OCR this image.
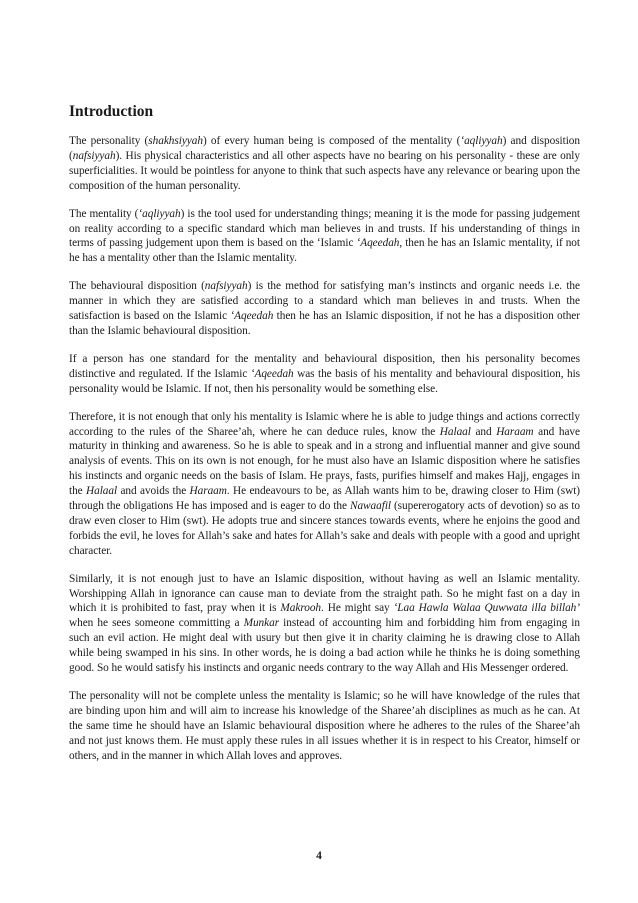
Introduction

The personality (shakhsiyyah) of every human being is composed of the mentality (‘aqliyyah) and disposition (nafsiyyah). His physical characteristics and all other aspects have no bearing on his personality - these are only superficialities. It would be pointless for anyone to think that such aspects have any relevance or bearing upon the composition of the human personality.

The mentality (‘aqliyyah) is the tool used for understanding things; meaning it is the mode for passing judgement on reality according to a specific standard which man believes in and trusts. If his understanding of things in terms of passing judgement upon them is based on the ‘Islamic ‘Aqeedah, then he has an Islamic mentality, if not he has a mentality other than the Islamic mentality.

The behavioural disposition (nafsiyyah) is the method for satisfying man’s instincts and organic needs i.e. the manner in which they are satisfied according to a standard which man believes in and trusts. When the satisfaction is based on the Islamic ‘Aqeedah then he has an Islamic disposition, if not he has a disposition other than the Islamic behavioural disposition.

If a person has one standard for the mentality and behavioural disposition, then his personality becomes distinctive and regulated. If the Islamic ‘Aqeedah was the basis of his mentality and behavioural disposition, his personality would be Islamic. If not, then his personality would be something else.

Therefore, it is not enough that only his mentality is Islamic where he is able to judge things and actions correctly according to the rules of the Sharee’ah, where he can deduce rules, know the Halaal and Haraam and have maturity in thinking and awareness. So he is able to speak and in a strong and influential manner and give sound analysis of events. This on its own is not enough, for he must also have an Islamic disposition where he satisfies his instincts and organic needs on the basis of Islam. He prays, fasts, purifies himself and makes Hajj, engages in the Halaal and avoids the Haraam. He endeavours to be, as Allah wants him to be, drawing closer to Him (swt) through the obligations He has imposed and is eager to do the Nawaafil (supererogatory acts of devotion) so as to draw even closer to Him (swt). He adopts true and sincere stances towards events, where he enjoins the good and forbids the evil, he loves for Allah’s sake and hates for Allah’s sake and deals with people with a good and upright character.

Similarly, it is not enough just to have an Islamic disposition, without having as well an Islamic mentality. Worshipping Allah in ignorance can cause man to deviate from the straight path. So he might fast on a day in which it is prohibited to fast, pray when it is Makrooh. He might say ‘Laa Hawla Walaa Quwwata illa billah’ when he sees someone committing a Munkar instead of accounting him and forbidding him from engaging in such an evil action. He might deal with usury but then give it in charity claiming he is drawing close to Allah while being swamped in his sins. In other words, he is doing a bad action while he thinks he is doing something good. So he would satisfy his instincts and organic needs contrary to the way Allah and His Messenger ordered.

The personality will not be complete unless the mentality is Islamic; so he will have knowledge of the rules that are binding upon him and will aim to increase his knowledge of the Sharee’ah disciplines as much as he can. At the same time he should have an Islamic behavioural disposition where he adheres to the rules of the Sharee’ah and not just knows them. He must apply these rules in all issues whether it is in respect to his Creator, himself or others, and in the manner in which Allah loves and approves.

4
